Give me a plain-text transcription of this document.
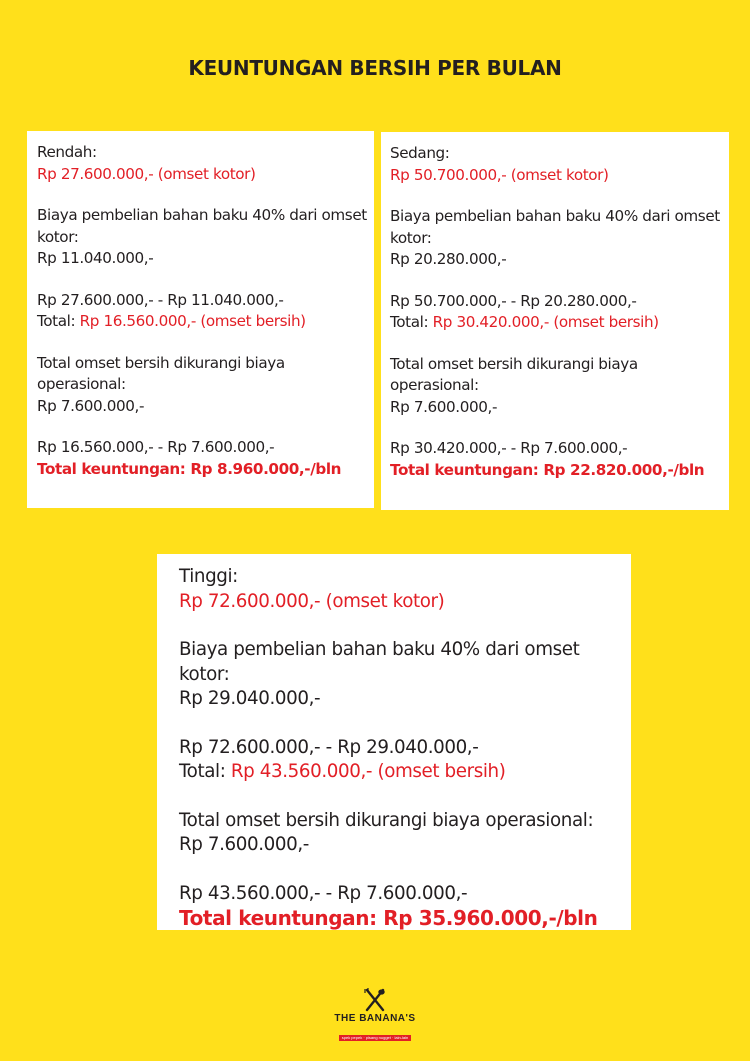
KEUNTUNGAN BERSIH PER BULAN

Rendah:

Rp 27.600.000,- (omset kotor)

Biaya pembelian bahan baku 40% dari omset kotor:

Rp 11.040.000,-

Rp 27.600.000,- - Rp 11.040.000,-

Total: Rp 16.560.000,- (omset bersih)

Total omset bersih dikurangi biaya operasional:

Rp 7.600.000,-

Rp 16.560.000,- - Rp 7.600.000,-

Total keuntungan: Rp 8.960.000,-/bln

Sedang:

Rp 50.700.000,- (omset kotor)

Biaya pembelian bahan baku 40% dari omset kotor:

Rp 20.280.000,-

Rp 50.700.000,- - Rp 20.280.000,-

Total: Rp 30.420.000,- (omset bersih)

Total omset bersih dikurangi biaya operasional:

Rp 7.600.000,-

Rp 30.420.000,- - Rp 7.600.000,-

Total keuntungan: Rp 22.820.000,-/bln

Tinggi:

Rp 72.600.000,- (omset kotor)

Biaya pembelian bahan baku 40% dari omset kotor:

Rp 29.040.000,-

Rp 72.600.000,- - Rp 29.040.000,-

Total: Rp 43.560.000,- (omset bersih)

Total omset bersih dikurangi biaya operasional:

Rp 7.600.000,-

Rp 43.560.000,- - Rp 7.600.000,-

Total keuntungan: Rp 35.960.000,-/bln

THE BANANA'S
spek pepek · pisang nugget · lain-lain
